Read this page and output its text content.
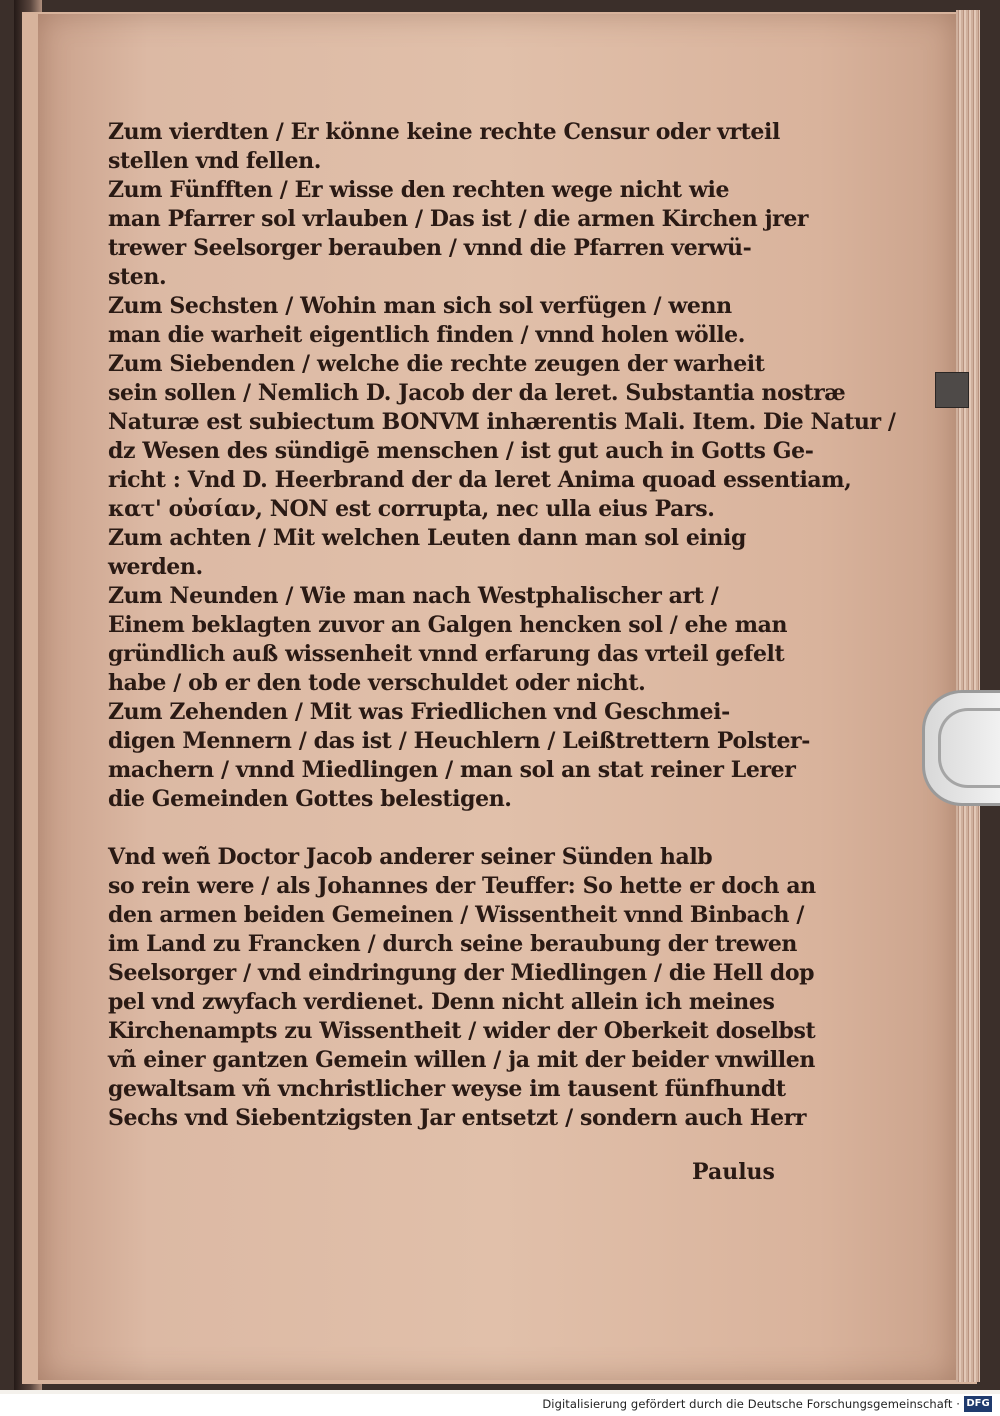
Zum vierdten / Er könne keine rechte Censur oder vrteil
stellen vnd fellen.
Zum Fünfften / Er wisse den rechten wege nicht wie
man Pfarrer sol vrlauben / Das ist / die armen Kirchen jrer
trewer Seelsorger berauben / vnnd die Pfarren verwü-
sten.
Zum Sechsten / Wohin man sich sol verfügen / wenn
man die warheit eigentlich finden / vnnd holen wölle.
Zum Siebenden / welche die rechte zeugen der warheit
sein sollen / Nemlich D. Jacob der da leret. Substantia nostræ
Naturæ est subiectum BONVM inhærentis Mali. Item. Die Natur /
dz Wesen des sündigē menschen / ist gut auch in Gotts Ge-
richt : Vnd D. Heerbrand der da leret Anima quoad essentiam,
κατ' οὐσίαν, NON est corrupta, nec ulla eius Pars.
Zum achten / Mit welchen Leuten dann man sol einig
werden.
Zum Neunden / Wie man nach Westphalischer art /
Einem beklagten zuvor an Galgen hencken sol / ehe man
gründlich auß wissenheit vnnd erfarung das vrteil gefelt
habe / ob er den tode verschuldet oder nicht.
Zum Zehenden / Mit was Friedlichen vnd Geschmei-
digen Mennern / das ist / Heuchlern / Leißtrettern Polster-
machern / vnnd Miedlingen / man sol an stat reiner Lerer
die Gemeinden Gottes belestigen.
Vnd weñ Doctor Jacob anderer seiner Sünden halb
so rein were / als Johannes der Teuffer: So hette er doch an
den armen beiden Gemeinen / Wissentheit vnnd Binbach /
im Land zu Francken / durch seine beraubung der trewen
Seelsorger / vnd eindringung der Miedlingen / die Hell dop
pel vnd zwyfach verdienet. Denn nicht allein ich meines
Kirchenampts zu Wissentheit / wider der Oberkeit doselbst
vñ einer gantzen Gemein willen / ja mit der beider vnwillen
gewaltsam vñ vnchristlicher weyse im tausent fünfhundt
Sechs vnd Siebentzigsten Jar entsetzt / sondern auch Herr
Paulus
Digitalisierung gefördert durch die Deutsche Forschungsgemeinschaft · DFG
